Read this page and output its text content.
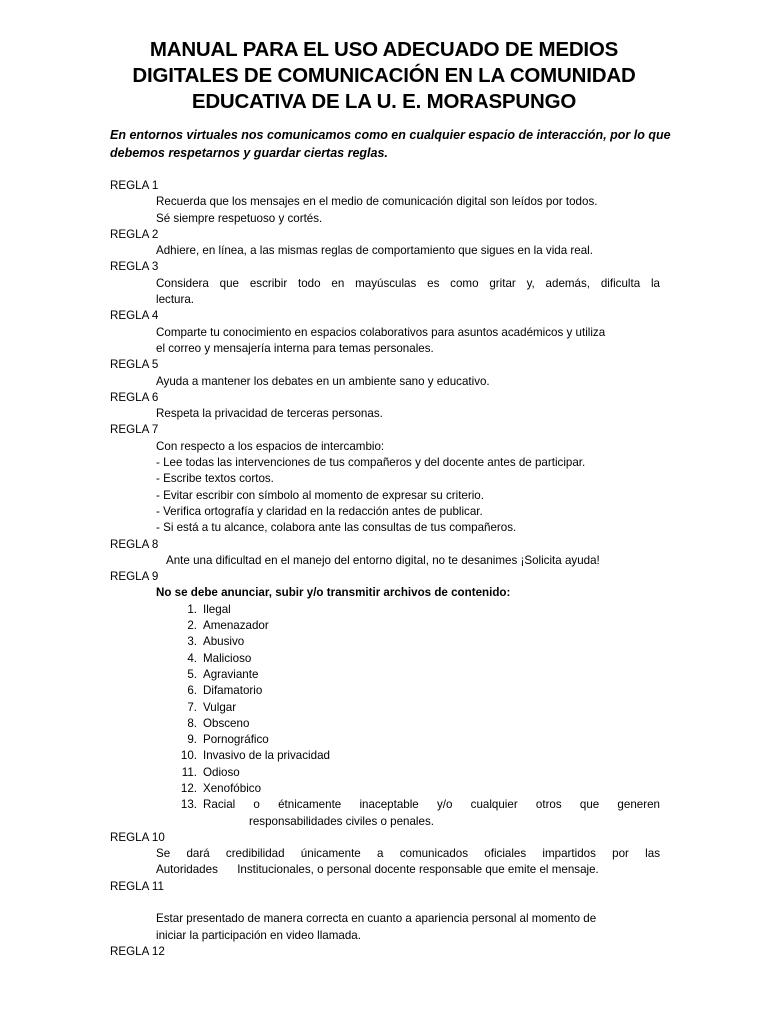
MANUAL PARA EL USO ADECUADO DE MEDIOS
DIGITALES DE COMUNICACIÓN EN LA COMUNIDAD
EDUCATIVA DE LA U. E. MORASPUNGO
En entornos virtuales nos comunicamos como en cualquier espacio de interacción, por lo que
debemos respetarnos y guardar ciertas reglas.
REGLA 1
Recuerda que los mensajes en el medio de comunicación digital son leídos por todos.
Sé siempre respetuoso y cortés.
REGLA 2
Adhiere, en línea, a las mismas reglas de comportamiento que sigues en la vida real.
REGLA 3
Considera que escribir todo en mayúsculas es como gritar y, además, dificulta la
lectura.
REGLA 4
Comparte tu conocimiento en espacios colaborativos para asuntos académicos y utiliza
el correo y mensajería interna para temas personales.
REGLA 5
Ayuda a mantener los debates en un ambiente sano y educativo.
REGLA 6
Respeta la privacidad de terceras personas.
REGLA 7
Con respecto a los espacios de intercambio:
- Lee todas las intervenciones de tus compañeros y del docente antes de participar.
- Escribe textos cortos.
- Evitar escribir con símbolo al momento de expresar su criterio.
- Verifica ortografía y claridad en la redacción antes de publicar.
- Si está a tu alcance, colabora ante las consultas de tus compañeros.
REGLA 8
Ante una dificultad en el manejo del entorno digital, no te desanimes ¡Solicita ayuda!
REGLA 9
No se debe anunciar, subir y/o transmitir archivos de contenido:
1. Ilegal
2. Amenazador
3. Abusivo
4. Malicioso
5. Agraviante
6. Difamatorio
7. Vulgar
8. Obsceno
9. Pornográfico
10. Invasivo de la privacidad
11. Odioso
12. Xenofóbico
13. Racial o étnicamente inaceptable y/o cualquier otros que generen
responsabilidades civiles o penales.
REGLA 10
Se dará credibilidad únicamente a comunicados oficiales impartidos por las
Autoridades      Institucionales, o personal docente responsable que emite el mensaje.
REGLA 11
Estar presentado de manera correcta en cuanto a apariencia personal al momento de
iniciar la participación en video llamada.
REGLA 12
